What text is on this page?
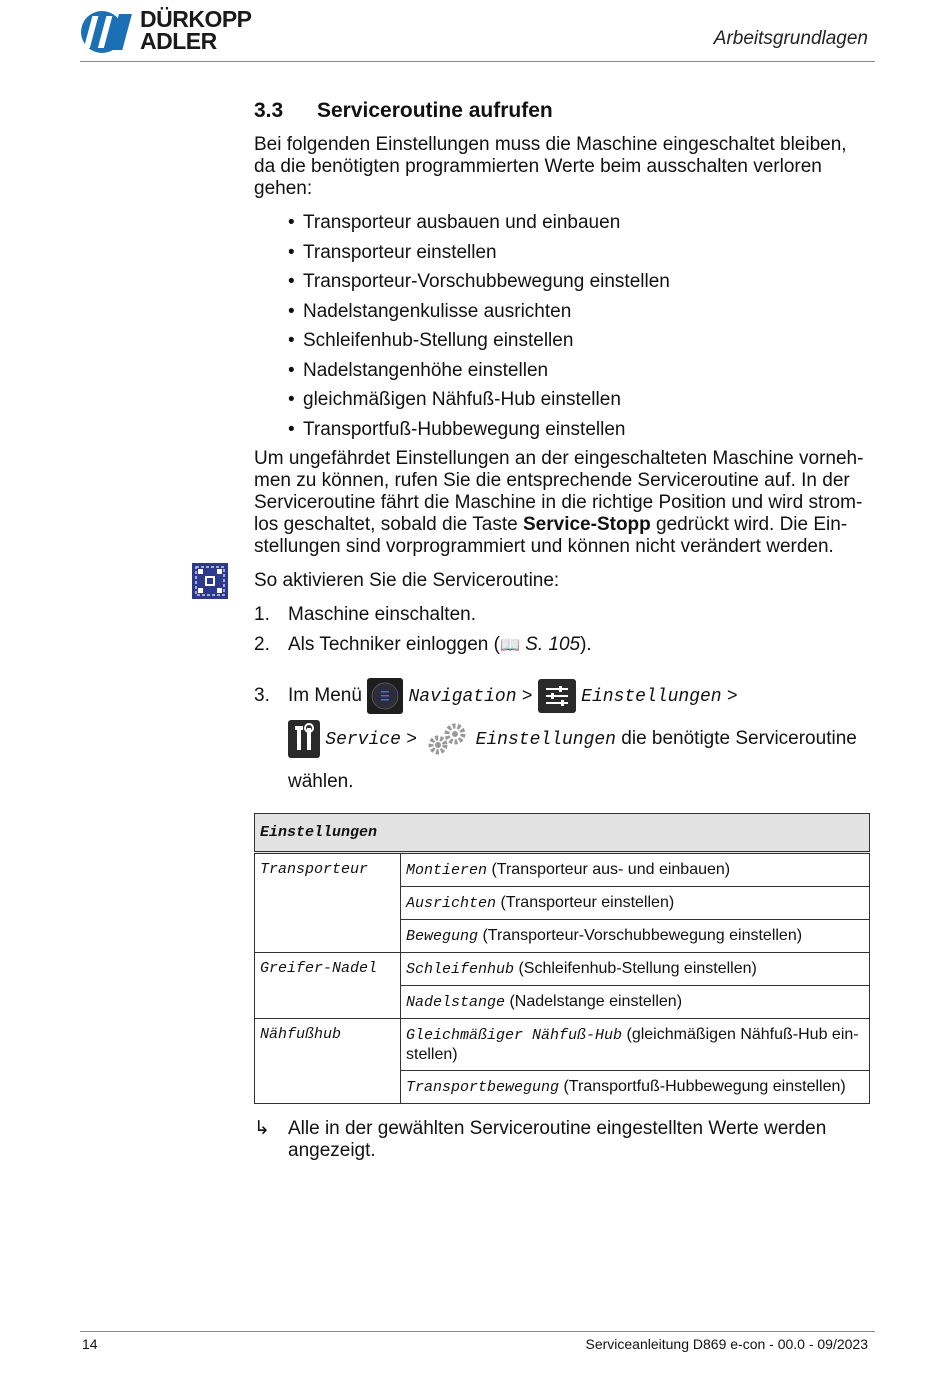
DÜRKOPP
ADLER	Arbeitsgrundlagen
3.3 Serviceroutine aufrufen

Bei folgenden Einstellungen muss die Maschine eingeschaltet bleiben, da die benötigten programmierten Werte beim ausschalten verloren gehen:

• Transporteur ausbauen und einbauen
• Transporteur einstellen
• Transporteur-Vorschubbewegung einstellen
• Nadelstangenkulisse ausrichten
• Schleifenhub-Stellung einstellen
• Nadelstangenhöhe einstellen
• gleichmäßigen Nähfuß-Hub einstellen
• Transportfuß-Hubbewegung einstellen

Um ungefährdet Einstellungen an der eingeschalteten Maschine vorneh-men zu können, rufen Sie die entsprechende Serviceroutine auf. In der Serviceroutine fährt die Maschine in die richtige Position und wird strom-los geschaltet, sobald die Taste Service-Stopp gedrückt wird. Die Ein-stellungen sind vorprogrammiert und können nicht verändert werden.

So aktivieren Sie die Serviceroutine:

1. Maschine einschalten.
2. Als Techniker einloggen (📖 S. 105).
3. Im Menü	Navigation >	Einstellungen >
Service >	Einstellungen die benötigte Serviceroutine wählen.
Einstellungen	
Transporteur	Montieren (Transporteur aus- und einbauen)
	Ausrichten (Transporteur einstellen)
	Bewegung (Transporteur-Vorschubbewegung einstellen)
Greifer-Nadel	Schleifenhub (Schleifenhub-Stellung einstellen)
	Nadelstange (Nadelstange einstellen)
Nähfußhub	Gleichmäßiger Nähfuß-Hub (gleichmäßigen Nähfuß-Hub ein-stellen)
	Transportbewegung (Transportfuß-Hubbewegung einstellen)
↳ Alle in der gewählten Serviceroutine eingestellten Werte werden angezeigt.
14	Serviceanleitung D869 e-con - 00.0 - 09/2023
